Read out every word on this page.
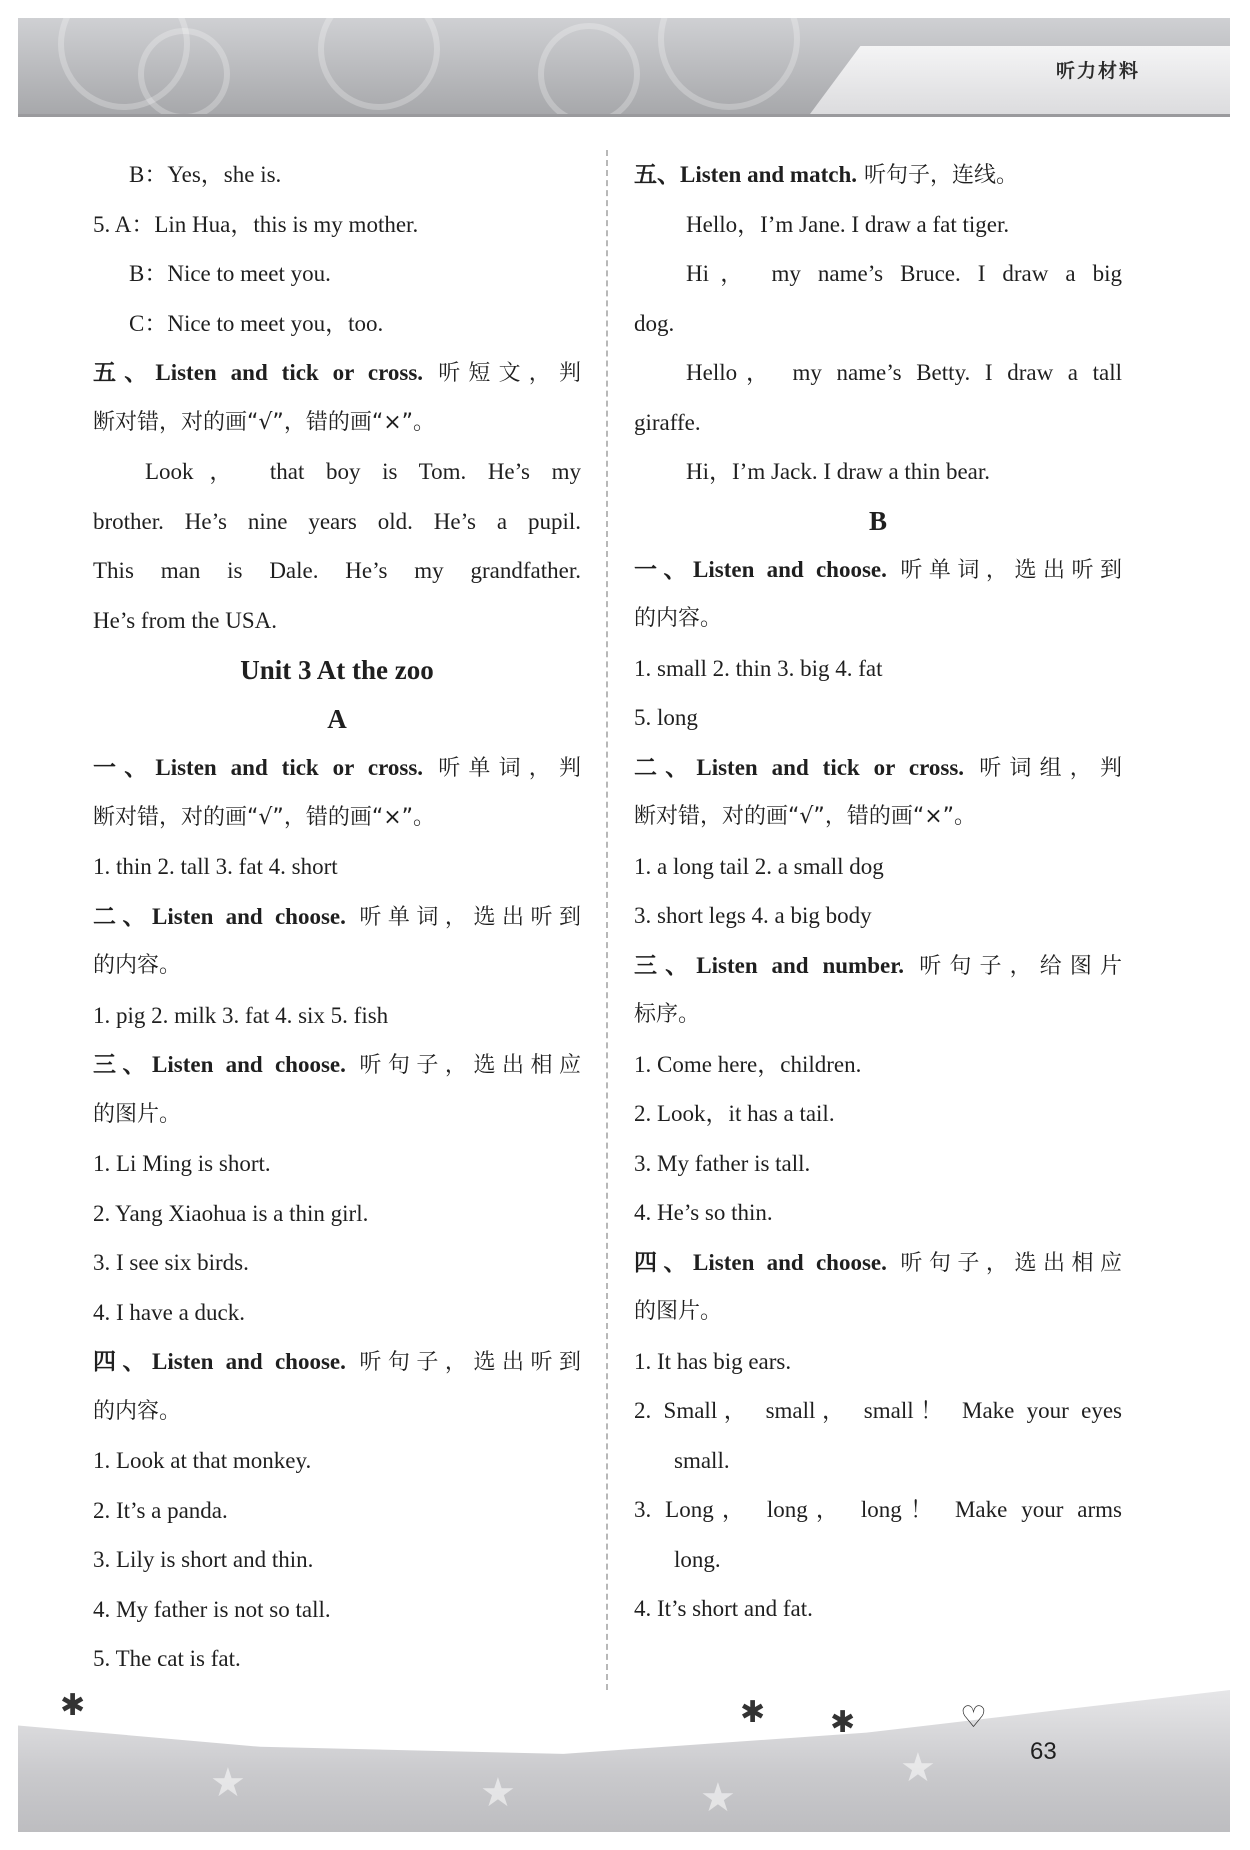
听力材料
B：Yes，she is.
5. A：Lin Hua，this is my mother.
B：Nice to meet you.
C：Nice to meet you，too.
五、Listen and tick or cross. 听短文，判
断对错，对的画“√”，错的画“×”。
Look， that boy is Tom. He’s my
brother. He’s nine years old. He’s a pupil.
This man is Dale. He’s my grandfather.
He’s from the USA.
Unit 3 At the zoo
A
一、Listen and tick or cross. 听单词，判
断对错，对的画“√”，错的画“×”。
1. thin 2. tall 3. fat 4. short
二、Listen and choose. 听单词，选出听到
的内容。
1. pig 2. milk 3. fat 4. six 5. fish
三、Listen and choose. 听句子，选出相应
的图片。
1. Li Ming is short.
2. Yang Xiaohua is a thin girl.
3. I see six birds.
4. I have a duck.
四、Listen and choose. 听句子，选出听到
的内容。
1. Look at that monkey.
2. It’s a panda.
3. Lily is short and thin.
4. My father is not so tall.
5. The cat is fat.
五、Listen and match. 听句子，连线。
Hello，I’m Jane. I draw a fat tiger.
Hi， my name’s Bruce. I draw a big
dog.
Hello， my name’s Betty. I draw a tall
giraffe.
Hi，I’m Jack. I draw a thin bear.
B
一、Listen and choose. 听单词，选出听到
的内容。
1. small 2. thin 3. big 4. fat
5. long
二、Listen and tick or cross. 听词组，判
断对错，对的画“√”，错的画“×”。
1. a long tail 2. a small dog
3. short legs 4. a big body
三、Listen and number. 听句子，给图片
标序。
1. Come here，children.
2. Look，it has a tail.
3. My father is tall.
4. He’s so thin.
四、Listen and choose. 听句子，选出相应
的图片。
1. It has big ears.
2. Small， small， small！ Make your eyes
small.
3. Long， long， long！ Make your arms
long.
4. It’s short and fat.
★	★	★
★
✱	✱ ✱	♡
63
